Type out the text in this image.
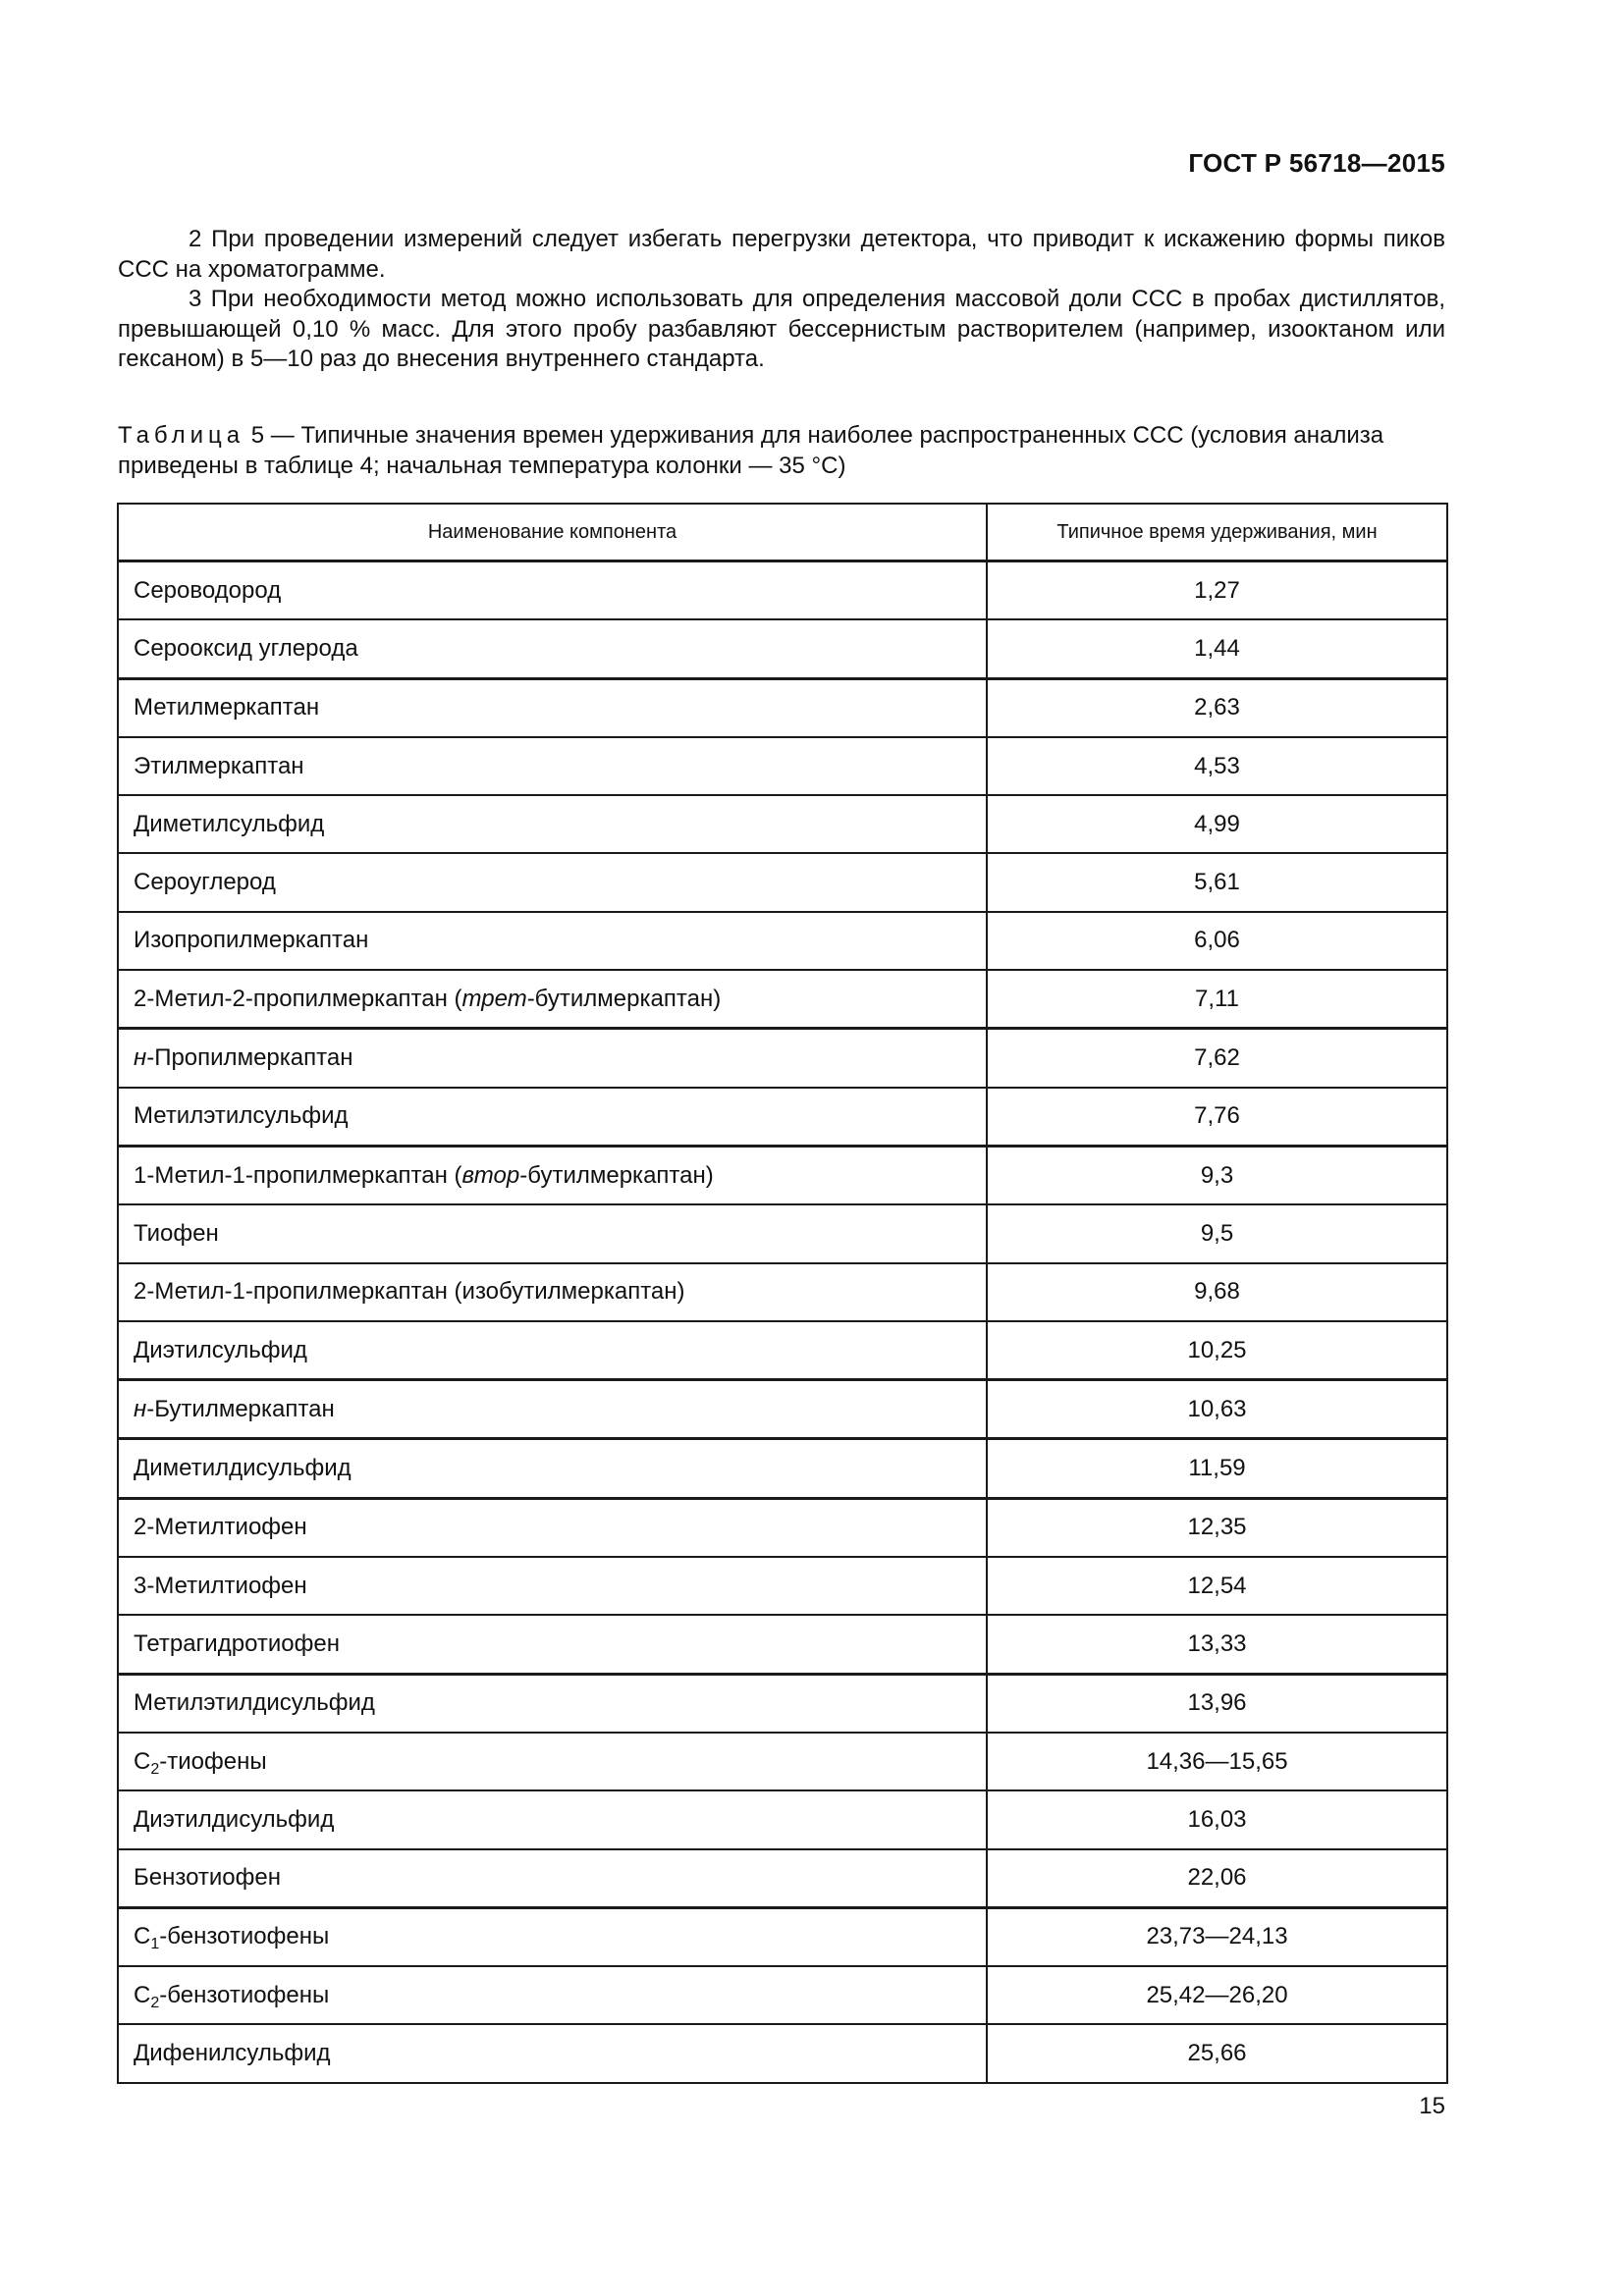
ГОСТ Р 56718—2015

2 При проведении измерений следует избегать перегрузки детектора, что приводит к искажению формы пиков ССС на хроматограмме.

3 При необходимости метод можно использовать для определения массовой доли ССС в пробах дистиллятов, превышающей 0,10 % масс. Для этого пробу разбавляют бессернистым растворителем (например, изооктаном или гексаном) в 5—10 раз до внесения внутреннего стандарта.

Таблица 5 — Типичные значения времен удерживания для наиболее распространенных ССС (условия анализа приведены в таблице 4; начальная температура колонки — 35 °С)
Наименование компонента	Типичное время удерживания, мин
Сероводород	1,27
Серооксид углерода	1,44
Метилмеркаптан	2,63
Этилмеркаптан	4,53
Диметилсульфид	4,99
Сероуглерод	5,61
Изопропилмеркаптан	6,06
2-Метил-2-пропилмеркаптан (трет-бутилмеркаптан)	7,11
н-Пропилмеркаптан	7,62
Метилэтилсульфид	7,76
1-Метил-1-пропилмеркаптан (втор-бутилмеркаптан)	9,3
Тиофен	9,5
2-Метил-1-пропилмеркаптан (изобутилмеркаптан)	9,68
Диэтилсульфид	10,25
н-Бутилмеркаптан	10,63
Диметилдисульфид	11,59
2-Метилтиофен	12,35
3-Метилтиофен	12,54
Тетрагидротиофен	13,33
Метилэтилдисульфид	13,96
$C_2$-тиофены	14,36—15,65
Диэтилдисульфид	16,03
Бензотиофен	22,06
$C_1$-бензотиофены	23,73—24,13
$C_2$-бензотиофены	25,42—26,20
Дифенилсульфид	25,66
15
